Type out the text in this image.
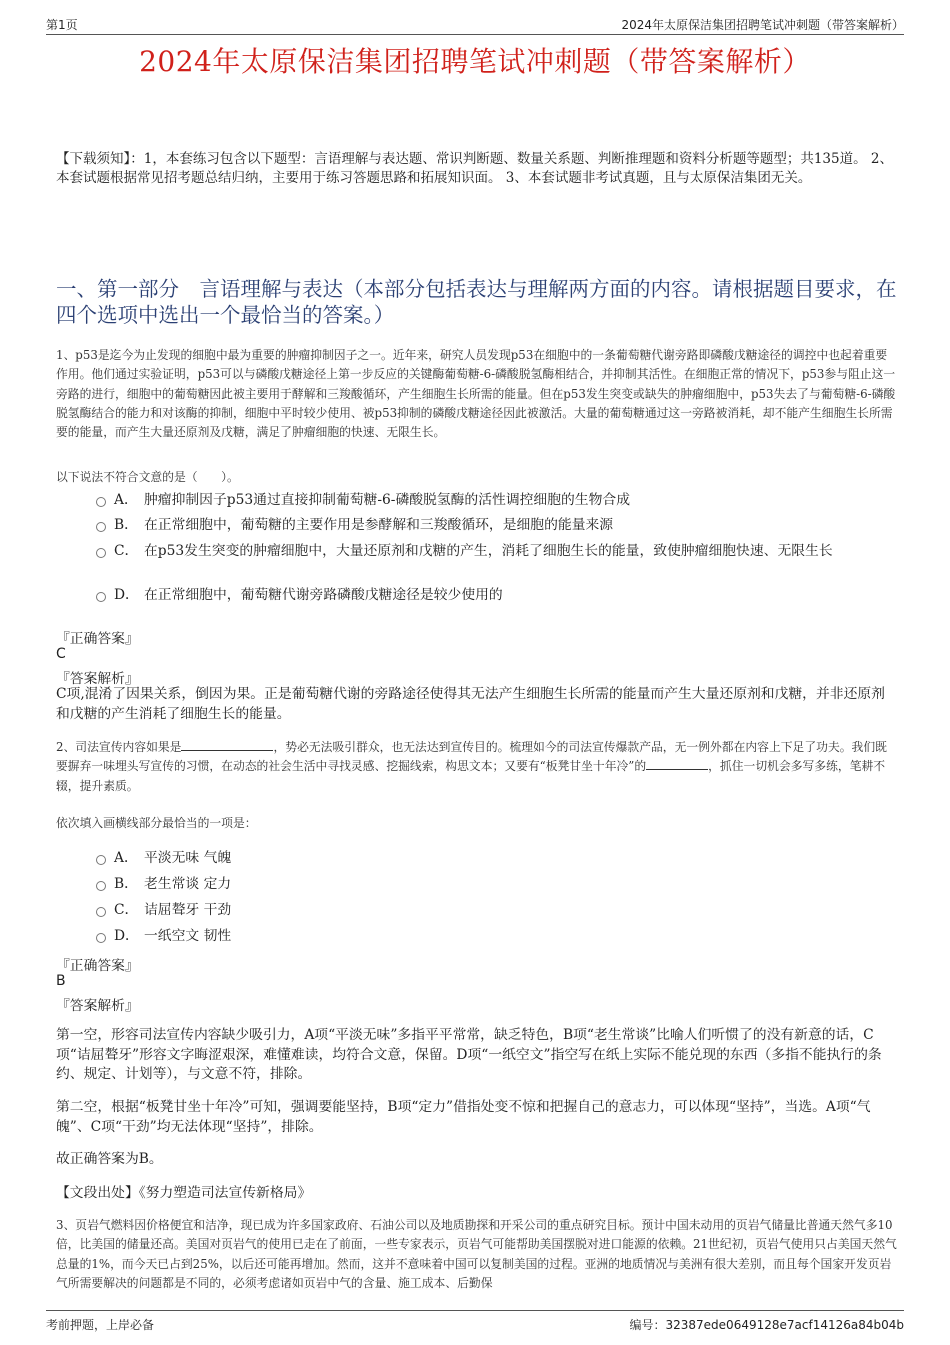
第1页	2024年太原保洁集团招聘笔试冲刺题（带答案解析）
2024年太原保洁集团招聘笔试冲刺题（带答案解析）
【下载须知】：1，本套练习包含以下题型：言语理解与表达题、常识判断题、数量关系题、判断推理题和资料分析题等题型；共135道。 2、本套试题根据常见招考题总结归纳，主要用于练习答题思路和拓展知识面。 3、本套试题非考试真题，且与太原保洁集团无关。
一、第一部分　言语理解与表达（本部分包括表达与理解两方面的内容。请根据题目要求，在四个选项中选出一个最恰当的答案。）
1、p53是迄今为止发现的细胞中最为重要的肿瘤抑制因子之一。近年来，研究人员发现p53在细胞中的一条葡萄糖代谢旁路即磷酸戊糖途径的调控中也起着重要作用。他们通过实验证明，p53可以与磷酸戊糖途径上第一步反应的关键酶葡萄糖-6-磷酸脱氢酶相结合，并抑制其活性。在细胞正常的情况下，p53参与阻止这一旁路的进行，细胞中的葡萄糖因此被主要用于酵解和三羧酸循环，产生细胞生长所需的能量。但在p53发生突变或缺失的肿瘤细胞中，p53失去了与葡萄糖-6-磷酸脱氢酶结合的能力和对该酶的抑制，细胞中平时较少使用、被p53抑制的磷酸戊糖途径因此被激活。大量的葡萄糖通过这一旁路被消耗，却不能产生细胞生长所需要的能量，而产生大量还原剂及戊糖，满足了肿瘤细胞的快速、无限生长。
以下说法不符合文意的是（　　）。
A． 肿瘤抑制因子p53通过直接抑制葡萄糖-6-磷酸脱氢酶的活性调控细胞的生物合成
B． 在正常细胞中，葡萄糖的主要作用是参酵解和三羧酸循环，是细胞的能量来源
C． 在p53发生突变的肿瘤细胞中，大量还原剂和戊糖的产生，消耗了细胞生长的能量，致使肿瘤细胞快速、无限生长
D． 在正常细胞中，葡萄糖代谢旁路磷酸戊糖途径是较少使用的
『正确答案』
C
『答案解析』
C项,混淆了因果关系，倒因为果。正是葡萄糖代谢的旁路途径使得其无法产生细胞生长所需的能量而产生大量还原剂和戊糖，并非还原剂和戊糖的产生消耗了细胞生长的能量。
2、司法宣传内容如果是	，势必无法吸引群众，也无法达到宣传目的。梳理如今的司法宣传爆款产品，无一例外都在内容上下足了功夫。我们既要摒弃一味埋头写宣传的习惯，在动态的社会生活中寻找灵感、挖掘线索，构思文本；又要有“板凳甘坐十年冷”的	，抓住一切机会多写多练，笔耕不辍，提升素质。
依次填入画横线部分最恰当的一项是：
A． 平淡无味 气魄
B． 老生常谈 定力
C． 诘屈聱牙 干劲
D． 一纸空文 韧性
『正确答案』
B
『答案解析』
第一空，形容司法宣传内容缺少吸引力，A项“平淡无味”多指平平常常，缺乏特色，B项“老生常谈”比喻人们听惯了的没有新意的话，C项“诘屈聱牙”形容文字晦涩艰深，难懂难读，均符合文意，保留。D项“一纸空文”指空写在纸上实际不能兑现的东西（多指不能执行的条约、规定、计划等），与文意不符，排除。
第二空，根据“板凳甘坐十年冷”可知，强调要能坚持，B项“定力”借指处变不惊和把握自己的意志力，可以体现“坚持”，当选。A项“气魄”、C项“干劲”均无法体现“坚持”，排除。
故正确答案为B。
【文段出处】《努力塑造司法宣传新格局》
3、页岩气燃料因价格便宜和洁净，现已成为许多国家政府、石油公司以及地质勘探和开采公司的重点研究目标。预计中国未动用的页岩气储量比普通天然气多10倍，比美国的储量还高。美国对页岩气的使用已走在了前面，一些专家表示，页岩气可能帮助美国摆脱对进口能源的依赖。21世纪初，页岩气使用只占美国天然气总量的1%，而今天已占到25%，以后还可能再增加。然而，这并不意味着中国可以复制美国的过程。亚洲的地质情况与美洲有很大差别，而且每个国家开发页岩气所需要解决的问题都是不同的，必须考虑诸如页岩中气的含量、施工成本、后勤保
考前押题，上岸必备	编号：32387ede0649128e7acf14126a84b04b
